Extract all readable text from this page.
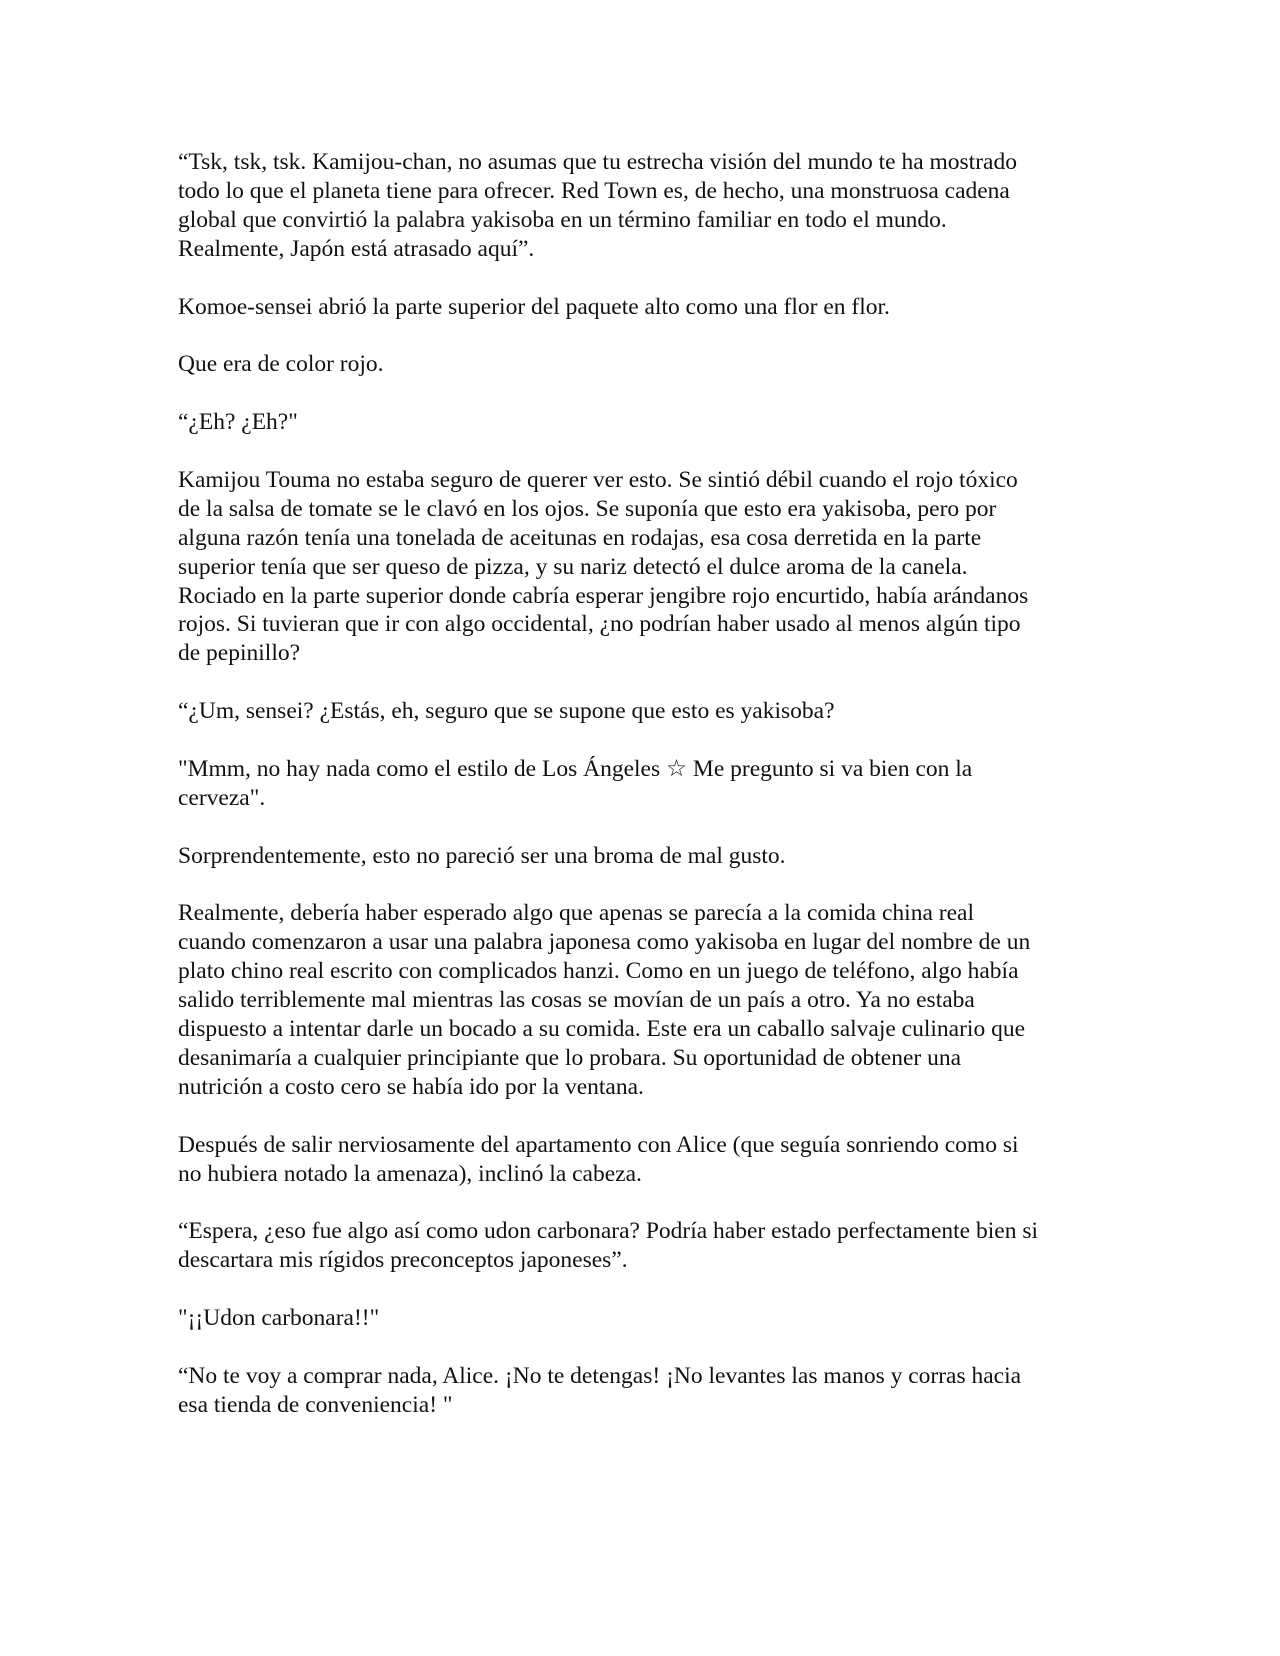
“Tsk, tsk, tsk. Kamijou-chan, no asumas que tu estrecha visión del mundo te ha mostrado
todo lo que el planeta tiene para ofrecer. Red Town es, de hecho, una monstruosa cadena
global que convirtió la palabra yakisoba en un término familiar en todo el mundo.
Realmente, Japón está atrasado aquí”.

Komoe-sensei abrió la parte superior del paquete alto como una flor en flor.

Que era de color rojo.

“¿Eh? ¿Eh?"

Kamijou Touma no estaba seguro de querer ver esto. Se sintió débil cuando el rojo tóxico
de la salsa de tomate se le clavó en los ojos. Se suponía que esto era yakisoba, pero por
alguna razón tenía una tonelada de aceitunas en rodajas, esa cosa derretida en la parte
superior tenía que ser queso de pizza, y su nariz detectó el dulce aroma de la canela.
Rociado en la parte superior donde cabría esperar jengibre rojo encurtido, había arándanos
rojos. Si tuvieran que ir con algo occidental, ¿no podrían haber usado al menos algún tipo
de pepinillo?

“¿Um, sensei? ¿Estás, eh, seguro que se supone que esto es yakisoba?

"Mmm, no hay nada como el estilo de Los Ángeles ☆ Me pregunto si va bien con la
cerveza".

Sorprendentemente, esto no pareció ser una broma de mal gusto.

Realmente, debería haber esperado algo que apenas se parecía a la comida china real
cuando comenzaron a usar una palabra japonesa como yakisoba en lugar del nombre de un
plato chino real escrito con complicados hanzi. Como en un juego de teléfono, algo había
salido terriblemente mal mientras las cosas se movían de un país a otro. Ya no estaba
dispuesto a intentar darle un bocado a su comida. Este era un caballo salvaje culinario que
desanimaría a cualquier principiante que lo probara. Su oportunidad de obtener una
nutrición a costo cero se había ido por la ventana.

Después de salir nerviosamente del apartamento con Alice (que seguía sonriendo como si
no hubiera notado la amenaza), inclinó la cabeza.

“Espera, ¿eso fue algo así como udon carbonara? Podría haber estado perfectamente bien si
descartara mis rígidos preconceptos japoneses”.

"¡¡Udon carbonara!!"

“No te voy a comprar nada, Alice. ¡No te detengas! ¡No levantes las manos y corras hacia
esa tienda de conveniencia! "
